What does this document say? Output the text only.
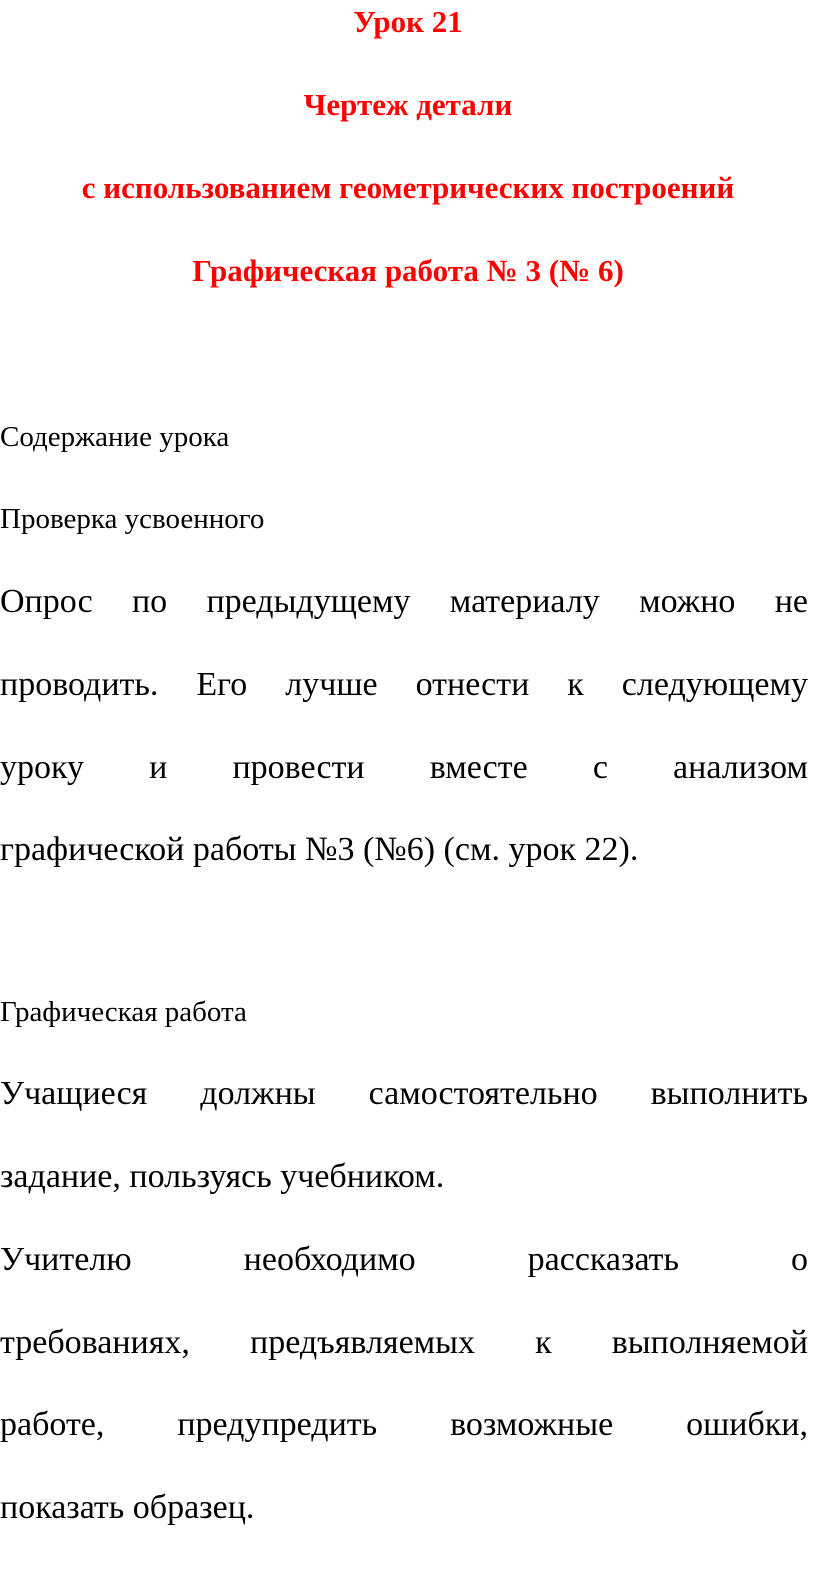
Урок 21
Чертеж детали
с использованием геометрических построений
Графическая работа № 3 (№ 6)
Содержание урока
Проверка усвоенного
Опрос по предыдущему материалу можно не
проводить. Его лучше отнести к следующему
уроку и провести вместе с анализом
графической работы №3 (№6) (см. урок 22).
Графическая работа
Учащиеся должны самостоятельно выполнить
задание, пользуясь учебником.
Учителю необходимо рассказать о
требованиях, предъявляемых к выполняемой
работе, предупредить возможные ошибки,
показать образец.
